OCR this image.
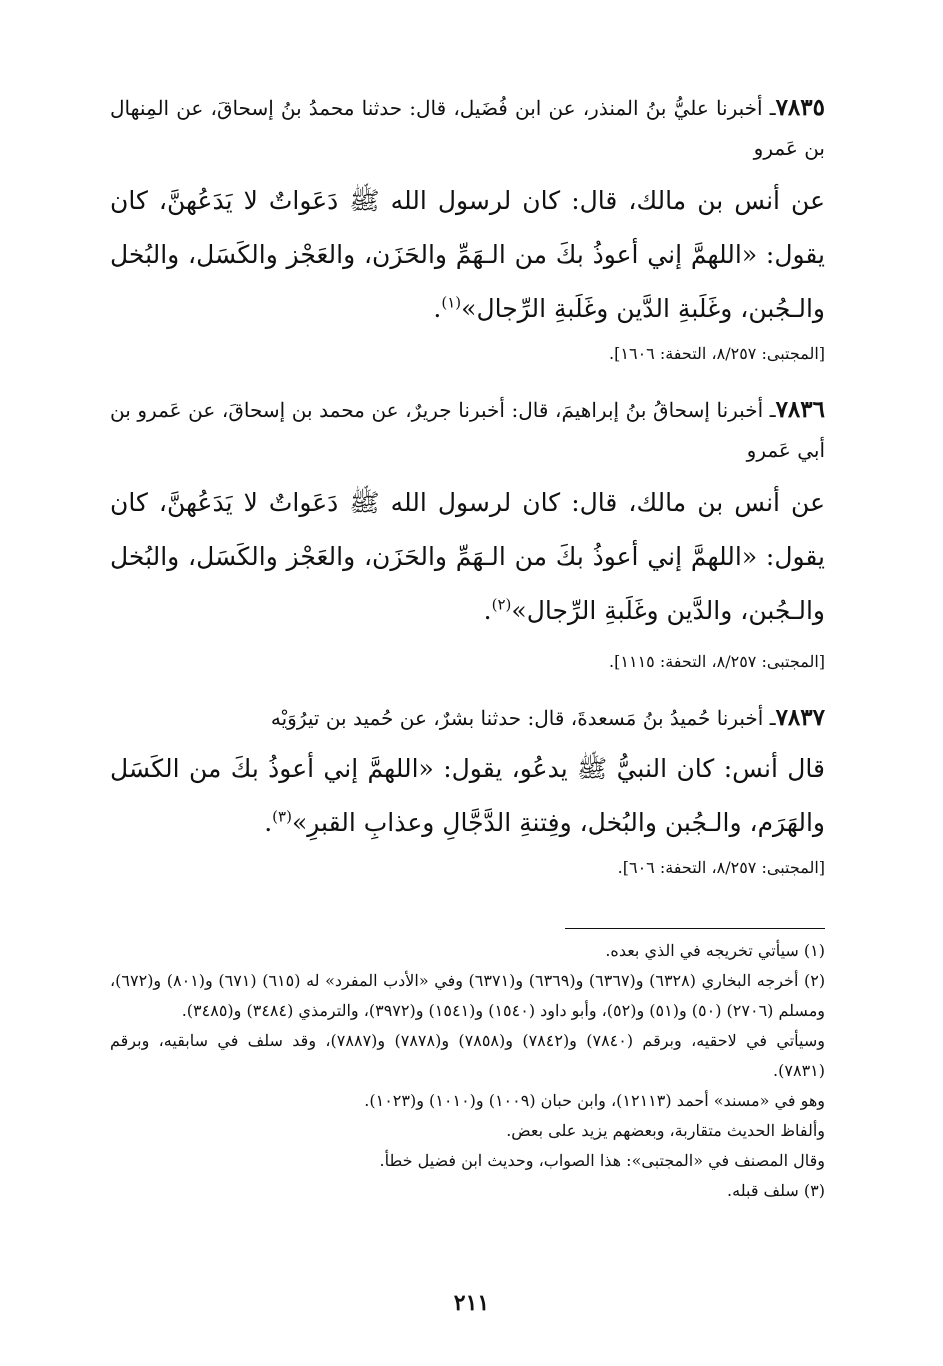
٧٨٣٥ـ أخبرنا عليُّ بنُ المنذر، عن ابن فُضَيل، قال: حدثنا محمدُ بنُ إسحاقَ، عن المِنهال بن عَمرو

عن أنس بن مالك، قال: كان لرسول الله ﷺ دَعَواتٌ لا يَدَعُهنَّ، كان يقول: «اللهمَّ إني أعوذُ بكَ من الـهَمِّ والحَزَن، والعَجْز والكَسَل، والبُخل والـجُبن، وغَلَبةِ الدَّين وغَلَبةِ الرِّجال»$^{(١)}$.

[المجتبى: ٨/٢٥٧، التحفة: ١٦٠٦].

٧٨٣٦ـ أخبرنا إسحاقُ بنُ إبراهيمَ، قال: أخبرنا جريرٌ، عن محمد بن إسحاقَ، عن عَمرو بن أبي عَمرو

عن أنس بن مالك، قال: كان لرسول الله ﷺ دَعَواتٌ لا يَدَعُهنَّ، كان يقول: «اللهمَّ إني أعوذُ بكَ من الـهَمِّ والحَزَن، والعَجْز والكَسَل، والبُخل والـجُبن، والدَّين وغَلَبةِ الرِّجال»$^{(٢)}$.

[المجتبى: ٨/٢٥٧، التحفة: ١١١٥].

٧٨٣٧ـ أخبرنا حُميدُ بنُ مَسعدةَ، قال: حدثنا بشرٌ، عن حُميد بن تيرُوَيْه

قال أنس: كان النبيُّ ﷺ يدعُو، يقول: «اللهمَّ إني أعوذُ بكَ من الكَسَل والهَرَم، والـجُبن والبُخل، وفِتنةِ الدَّجَّالِ وعذابِ القبرِ»$^{(٣)}$.

[المجتبى: ٨/٢٥٧، التحفة: ٦٠٦].

(١) سيأتي تخريجه في الذي بعده.

(٢) أخرجه البخاري (٦٣٢٨) و(٦٣٦٧) و(٦٣٦٩) و(٦٣٧١) وفي «الأدب المفرد» له (٦١٥) (٦٧١) و(٨٠١) و(٦٧٢)، ومسلم (٢٧٠٦) (٥٠) و(٥١) و(٥٢)، وأبو داود (١٥٤٠) و(١٥٤١) و(٣٩٧٢)، والترمذي (٣٤٨٤) و(٣٤٨٥).

وسيأتي في لاحقيه، وبرقم (٧٨٤٠) و(٧٨٤٢) و(٧٨٥٨) و(٧٨٧٨) و(٧٨٨٧)، وقد سلف في سابقيه، وبرقم (٧٨٣١).

وهو في «مسند» أحمد (١٢١١٣)، وابن حبان (١٠٠٩) و(١٠١٠) و(١٠٢٣).

وألفاظ الحديث متقاربة، وبعضهم يزيد على بعض.

وقال المصنف في «المجتبى»: هذا الصواب، وحديث ابن فضيل خطأ.

(٣) سلف قبله.

٢١١
